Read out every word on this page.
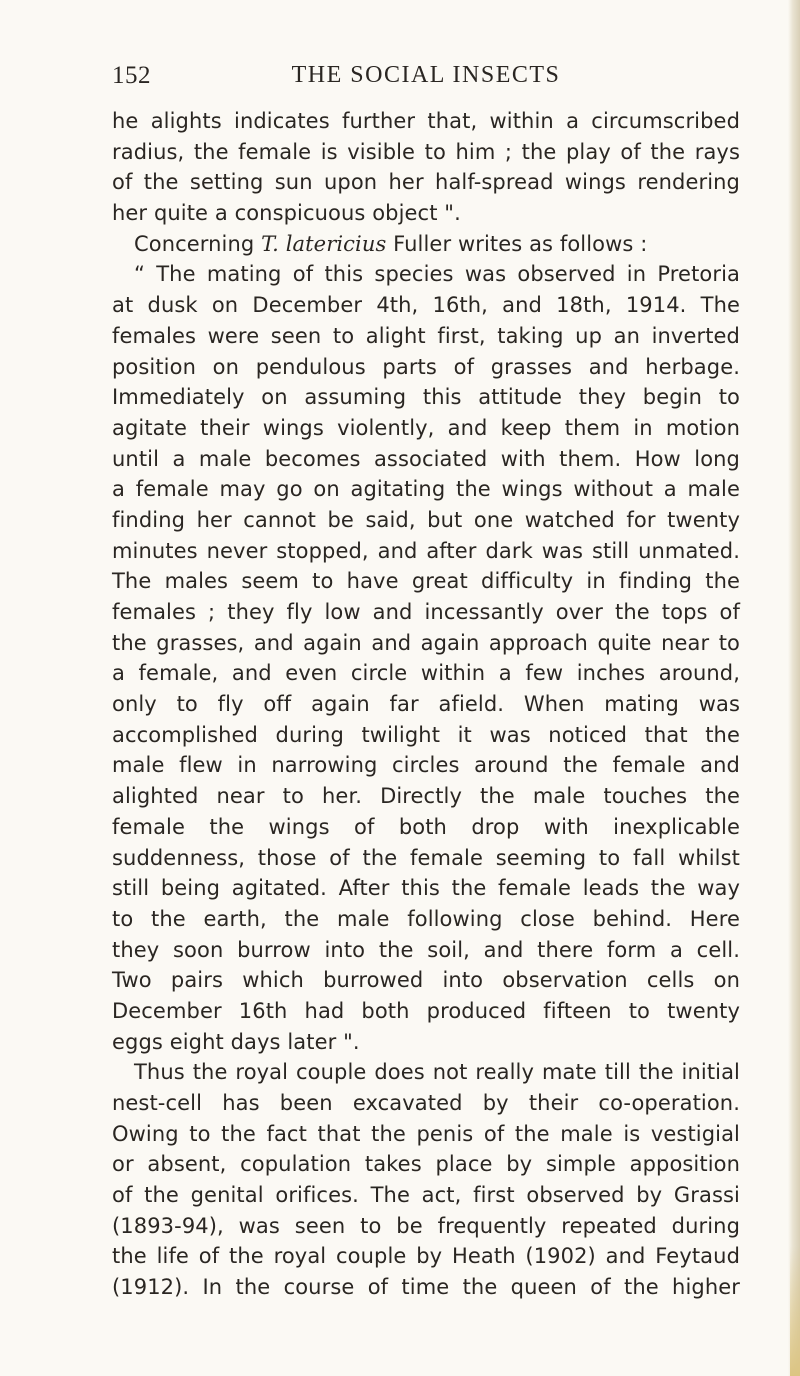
152	THE SOCIAL INSECTS
he alights indicates further that, within a circumscribed
radius, the female is visible to him ; the play of the rays
of the setting sun upon her half-spread wings rendering
her quite a conspicuous object ".
Concerning T. latericius Fuller writes as follows :
“ The mating of this species was observed in Pretoria
at dusk on December 4th, 16th, and 18th, 1914. The
females were seen to alight first, taking up an inverted
position on pendulous parts of grasses and herbage.
Immediately on assuming this attitude they begin to
agitate their wings violently, and keep them in motion
until a male becomes associated with them. How long
a female may go on agitating the wings without a male
finding her cannot be said, but one watched for twenty
minutes never stopped, and after dark was still unmated.
The males seem to have great difficulty in finding the
females ; they fly low and incessantly over the tops of
the grasses, and again and again approach quite near to
a female, and even circle within a few inches around,
only to fly off again far afield. When mating was
accomplished during twilight it was noticed that the
male flew in narrowing circles around the female and
alighted near to her. Directly the male touches the
female the wings of both drop with inexplicable
suddenness, those of the female seeming to fall whilst
still being agitated. After this the female leads the way
to the earth, the male following close behind. Here
they soon burrow into the soil, and there form a cell.
Two pairs which burrowed into observation cells on
December 16th had both produced fifteen to twenty
eggs eight days later ".
Thus the royal couple does not really mate till the initial
nest-cell has been excavated by their co-operation.
Owing to the fact that the penis of the male is vestigial
or absent, copulation takes place by simple apposition
of the genital orifices. The act, first observed by Grassi
(1893-94), was seen to be frequently repeated during
the life of the royal couple by Heath (1902) and Feytaud
(1912). In the course of time the queen of the higher
